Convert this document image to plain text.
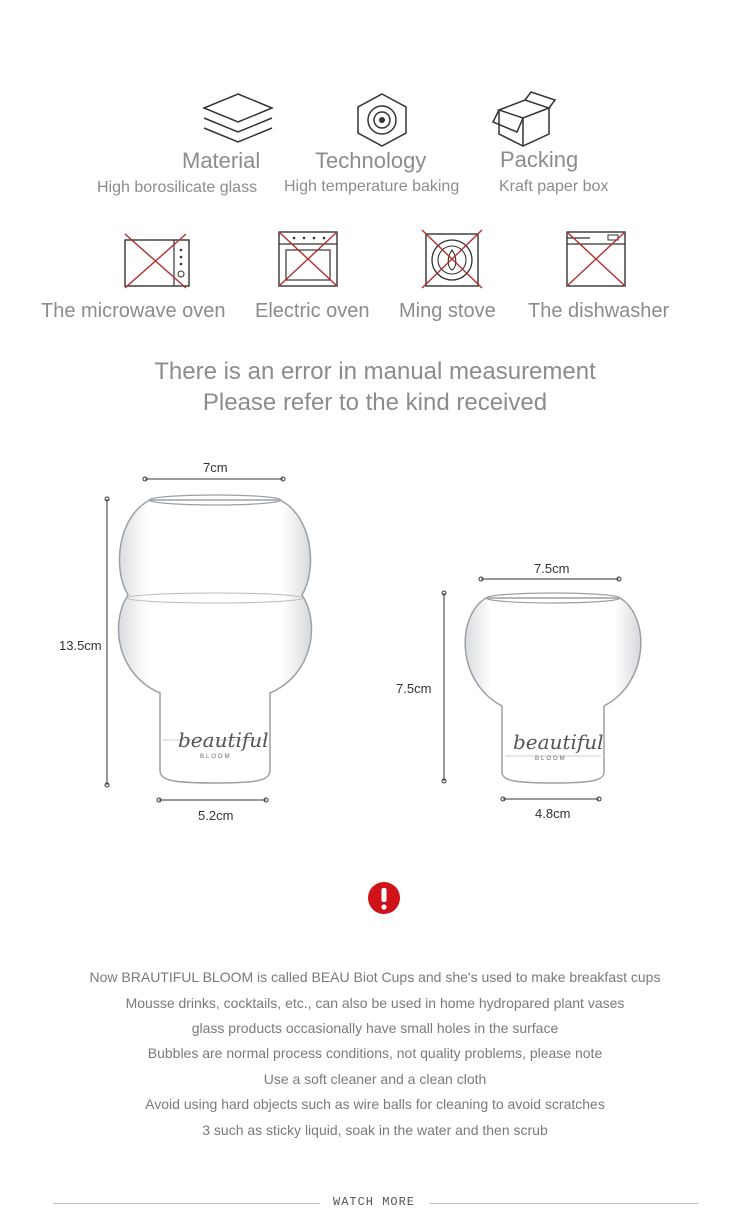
Material
High borosilicate glass
Technology
High temperature baking
Packing
Kraft paper box
The microwave oven Electric oven Ming stove The dishwasher
There is an error in manual measurement
Please refer to the kind received
7cm
13.5cm
5.2cm
beautiful
BLOOM
7.5cm
7.5cm
4.8cm
beautiful
BLOOM
Now BRAUTIFUL BLOOM is called BEAU Biot Cups and she's used to make breakfast cups
Mousse drinks, cocktails, etc., can also be used in home hydropared plant vases
glass products occasionally have small holes in the surface
Bubbles are normal process conditions, not quality problems, please note
Use a soft cleaner and a clean cloth
Avoid using hard objects such as wire balls for cleaning to avoid scratches
3 such as sticky liquid, soak in the water and then scrub
WATCH MORE
